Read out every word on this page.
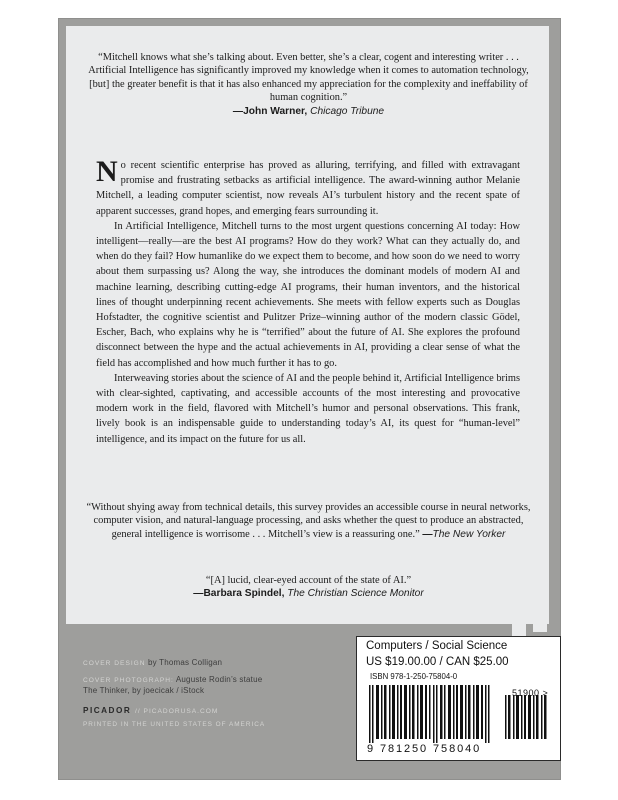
“Mitchell knows what she’s talking about. Even better, she’s a clear, cogent and interesting writer . . . Artificial Intelligence has significantly improved my knowledge when it comes to automation technology, [but] the greater benefit is that it has also enhanced my appreciation for the complexity and ineffability of human cognition.”

—John Warner, Chicago Tribune

No recent scientific enterprise has proved as alluring, terrifying, and filled with extravagant promise and frustrating setbacks as artificial intelligence. The award-winning author Melanie Mitchell, a leading computer scientist, now reveals AI’s turbulent history and the recent spate of apparent successes, grand hopes, and emerging fears surrounding it.

In Artificial Intelligence, Mitchell turns to the most urgent questions concerning AI today: How intelligent—really—are the best AI programs? How do they work? What can they actually do, and when do they fail? How humanlike do we expect them to become, and how soon do we need to worry about them surpassing us? Along the way, she introduces the dominant models of modern AI and machine learning, describing cutting-edge AI programs, their human inventors, and the historical lines of thought underpinning recent achievements. She meets with fellow experts such as Douglas Hofstadter, the cognitive scientist and Pulitzer Prize–winning author of the modern classic Gödel, Escher, Bach, who explains why he is “terrified” about the future of AI. She explores the profound disconnect between the hype and the actual achievements in AI, providing a clear sense of what the field has accomplished and how much further it has to go.

Interweaving stories about the science of AI and the people behind it, Artificial Intelligence brims with clear-sighted, captivating, and accessible accounts of the most interesting and provocative modern work in the field, flavored with Mitchell’s humor and personal observations. This frank, lively book is an indispensable guide to understanding today’s AI, its quest for “human-level” intelligence, and its impact on the future for us all.

“Without shying away from technical details, this survey provides an accessible course in neural networks, computer vision, and natural-language processing, and asks whether the quest to produce an abstracted, general intelligence is worrisome . . . Mitchell’s view is a reassuring one.” —The New Yorker

“[A] lucid, clear-eyed account of the state of AI.”

—Barbara Spindel, The Christian Science Monitor
COVER DESIGN by Thomas Colligan
COVER PHOTOGRAPH: Auguste Rodin’s statue
The Thinker, by joecicak / iStock
PICADOR // PICADORUSA.COM
PRINTED IN THE UNITED STATES OF AMERICA
Computers / Social Science
US $19.00.00 / CAN $25.00
ISBN 978-1-250-75804-0
51900 >
9 781250 758040
